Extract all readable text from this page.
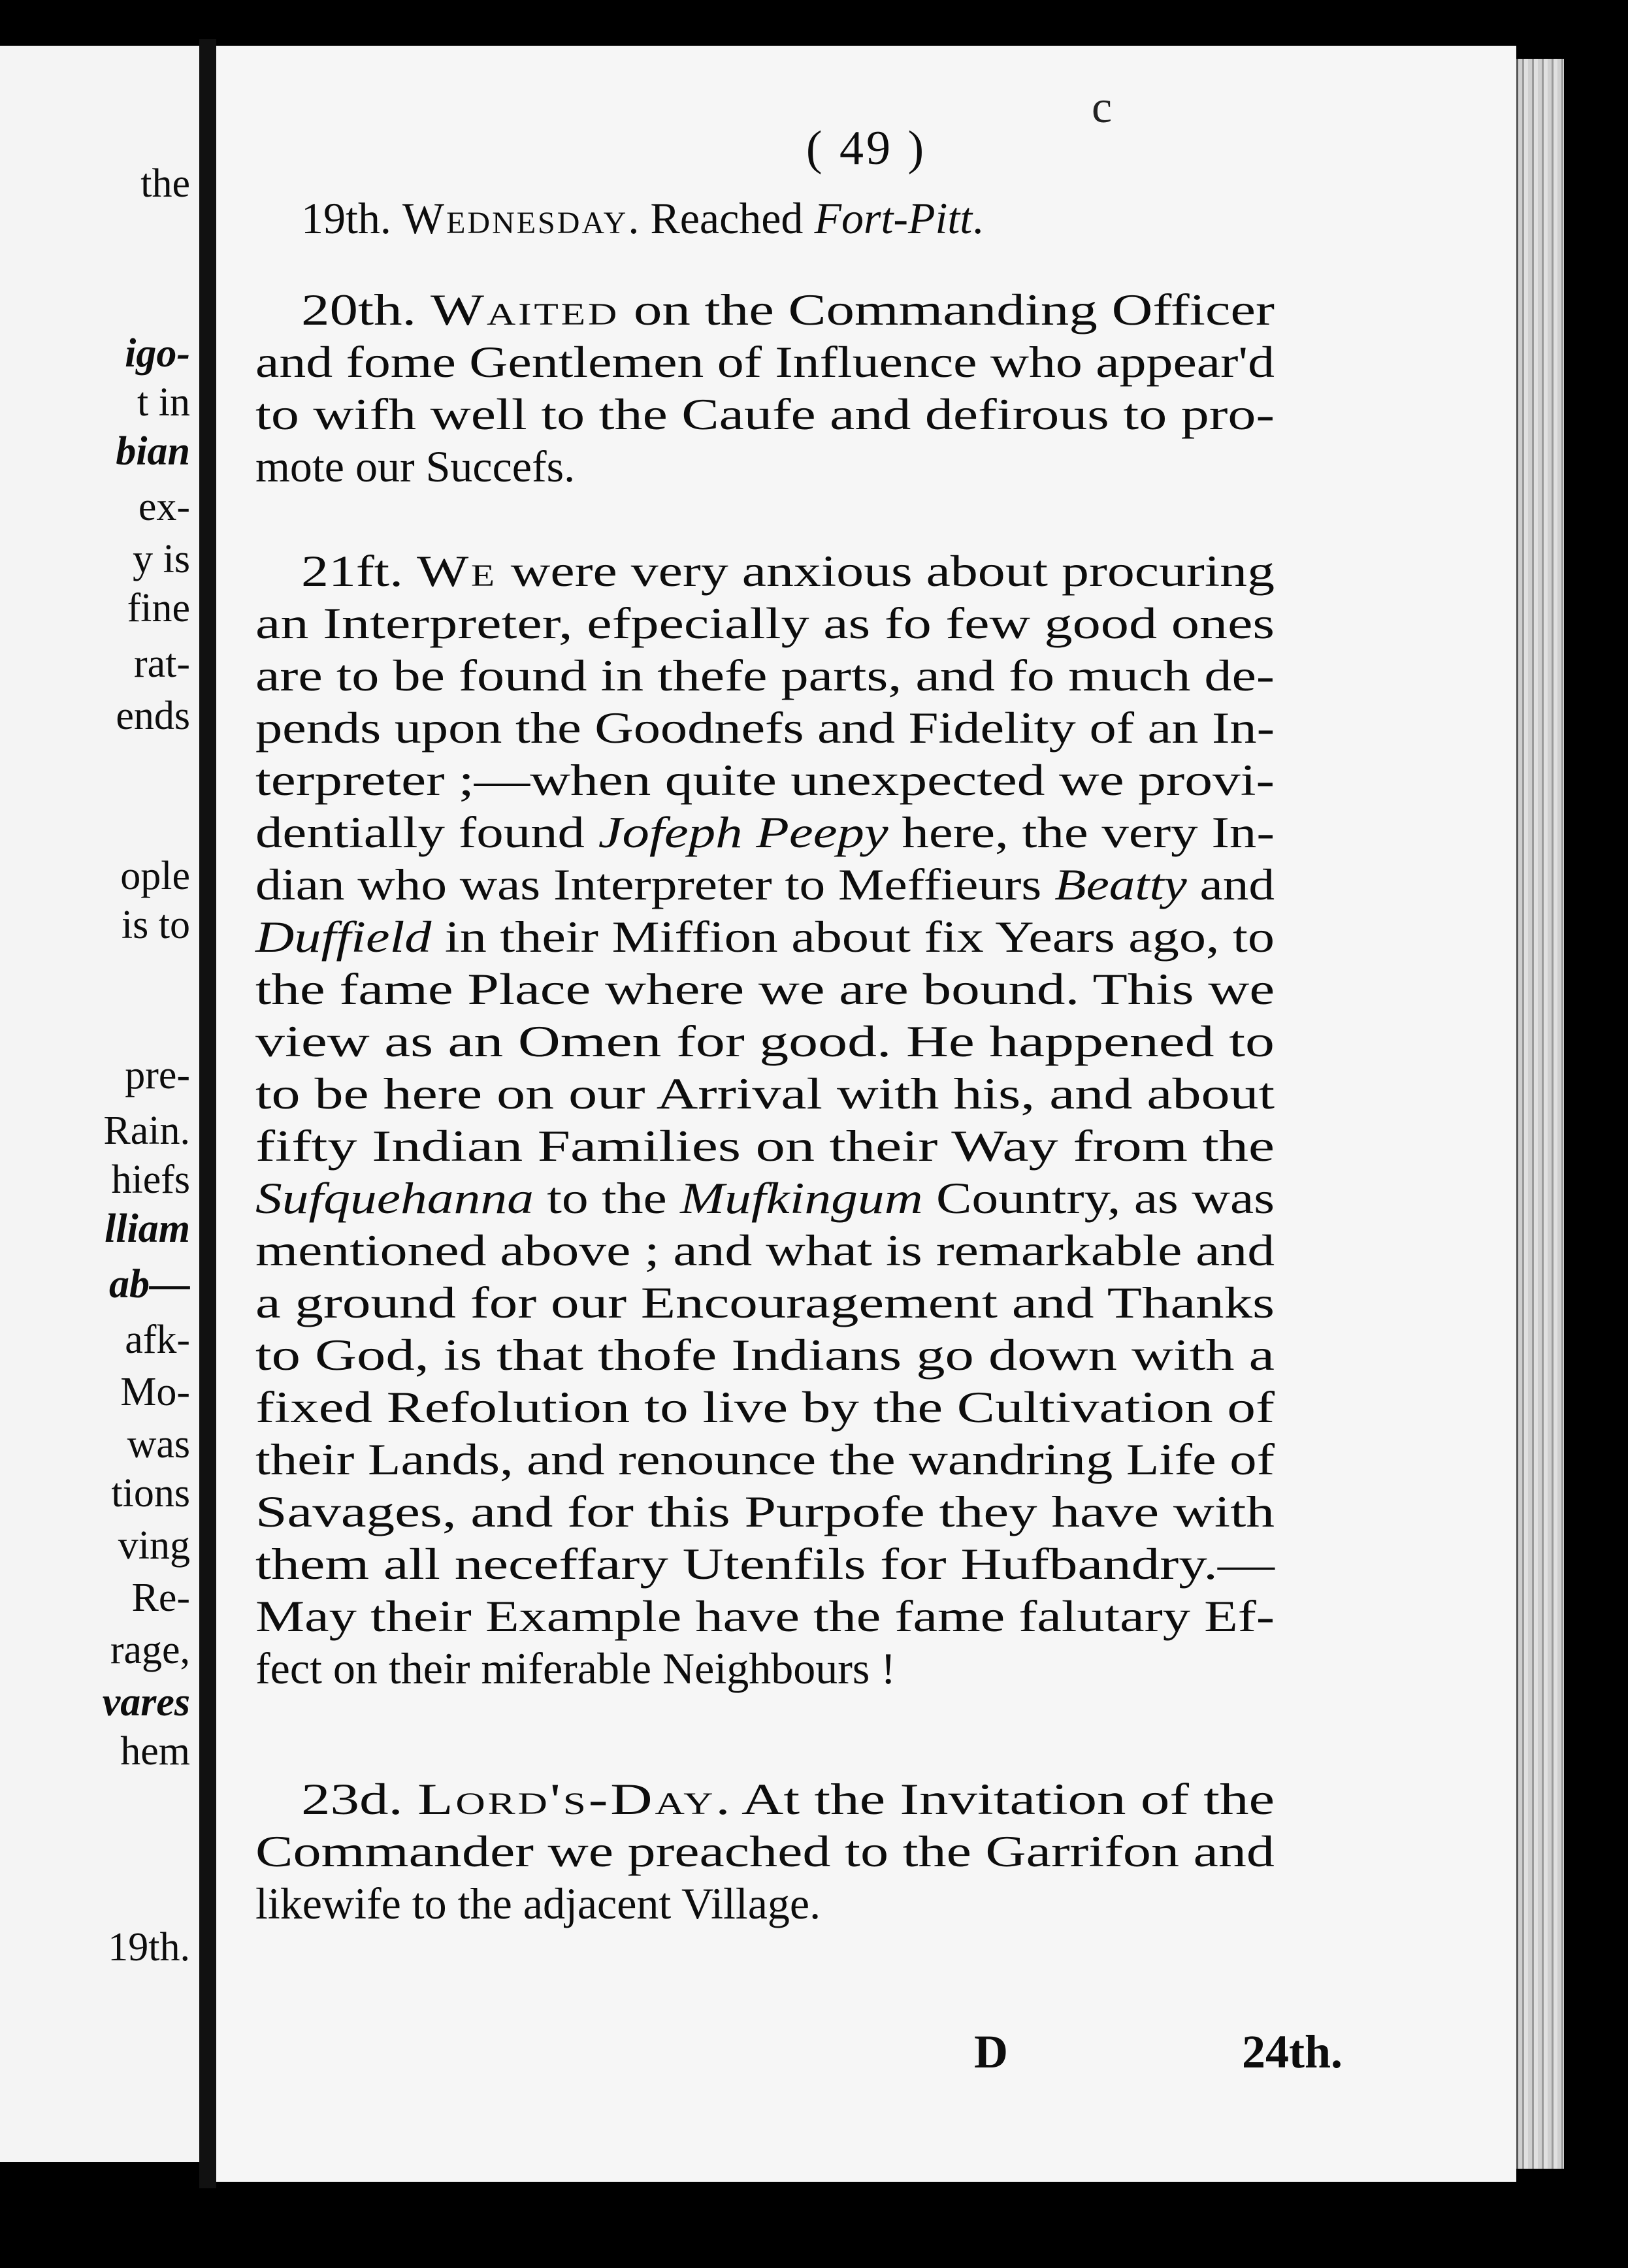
the
igo-
t in
bian
ex-
y is
fine
rat-
ends
ople
is to
pre-
Rain.
hiefs
lliam
ab—
afk-
Mo-
was
tions
ving
Re-
rage,
vares
hem
19th.
c
( 49 )
19th. Wednesday. Reached Fort-Pitt.
20th. Waited on the Commanding Officer
and fome Gentlemen of Influence who appear'd
to wifh well to the Caufe and defirous to pro-
mote our Succefs.
21ft. We were very anxious about procuring
an Interpreter, efpecially as fo few good ones
are to be found in thefe parts, and fo much de-
pends upon the Goodnefs and Fidelity of an In-
terpreter ;—when quite unexpected we provi-
dentially found Jofeph Peepy here, the very In-
dian who was Interpreter to Meffieurs Beatty and
Duffield in their Miffion about fix Years ago, to
the fame Place where we are bound. This we
view as an Omen for good. He happened to
to be here on our Arrival with his, and about
fifty Indian Families on their Way from the
Sufquehanna to the Mufkingum Country, as was
mentioned above ; and what is remarkable and
a ground for our Encouragement and Thanks
to God, is that thofe Indians go down with a
fixed Refolution to live by the Cultivation of
their Lands, and renounce the wandring Life of
Savages, and for this Purpofe they have with
them all neceffary Utenfils for Hufbandry.—
May their Example have the fame falutary Ef-
fect on their miferable Neighbours !
23d. Lord's-Day. At the Invitation of the
Commander we preached to the Garrifon and
likewife to the adjacent Village.
D	24th.
